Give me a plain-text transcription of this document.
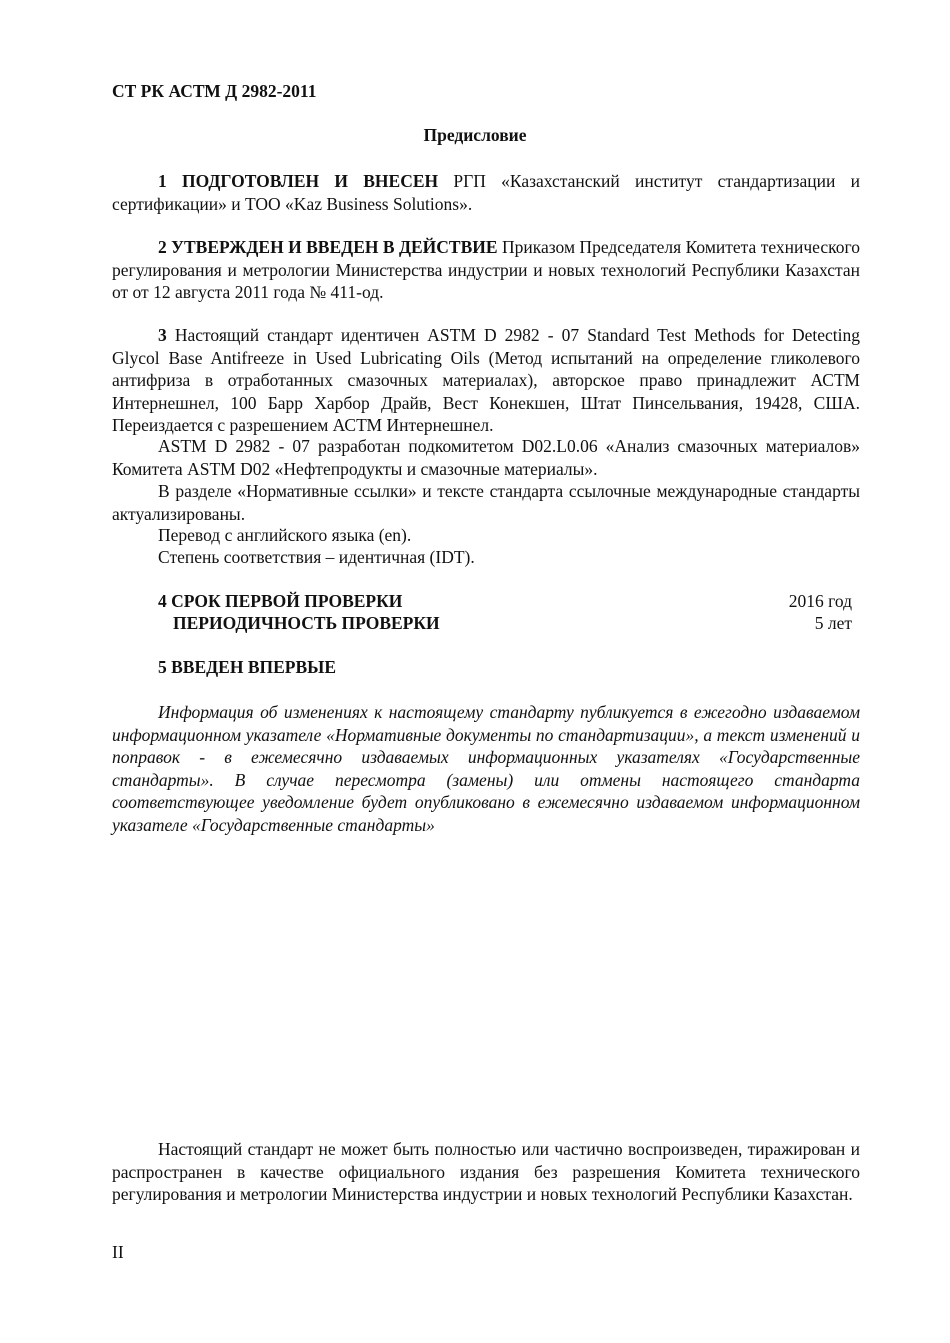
СТ РК АСТМ Д 2982-2011
Предисловие
1 ПОДГОТОВЛЕН И ВНЕСЕН РГП «Казахстанский институт стандартизации и сертификации» и ТОО «Kaz Business Solutions».
2 УТВЕРЖДЕН И ВВЕДЕН В ДЕЙСТВИЕ Приказом Председателя Комитета технического регулирования и метрологии Министерства индустрии и новых технологий Республики Казахстан от от 12 августа 2011 года № 411-од.
3 Настоящий стандарт идентичен ASTM D 2982 - 07 Standard Test Methods for Detecting Glycol Base Antifreeze in Used Lubricating Oils (Метод испытаний на определение гликолевого антифриза в отработанных смазочных материалах), авторское право принадлежит АСТМ Интернешнел, 100 Барр Харбор Драйв, Вест Конекшен, Штат Пинсельвания, 19428, США. Переиздается с разрешением АСТМ Интернешнел.
ASTM D 2982 - 07 разработан подкомитетом D02.L0.06 «Анализ смазочных материалов» Комитета ASTM D02 «Нефтепродукты и смазочные материалы».
В разделе «Нормативные ссылки» и тексте стандарта ссылочные международные стандарты актуализированы.
Перевод с английского языка (en).
Степень соответствия – идентичная (IDT).
4 СРОК ПЕРВОЙ ПРОВЕРКИ	2016 год
ПЕРИОДИЧНОСТЬ ПРОВЕРКИ	5 лет
5 ВВЕДЕН ВПЕРВЫЕ
Информация об изменениях к настоящему стандарту публикуется в ежегодно издаваемом информационном указателе «Нормативные документы по стандартизации», а текст изменений и поправок - в ежемесячно издаваемых информационных указателях «Государственные стандарты». В случае пересмотра (замены) или отмены настоящего стандарта соответствующее уведомление будет опубликовано в ежемесячно издаваемом информационном указателе «Государственные стандарты»
Настоящий стандарт не может быть полностью или частично воспроизведен, тиражирован и распространен в качестве официального издания без разрешения Комитета технического регулирования и метрологии Министерства индустрии и новых технологий Республики Казахстан.
II
